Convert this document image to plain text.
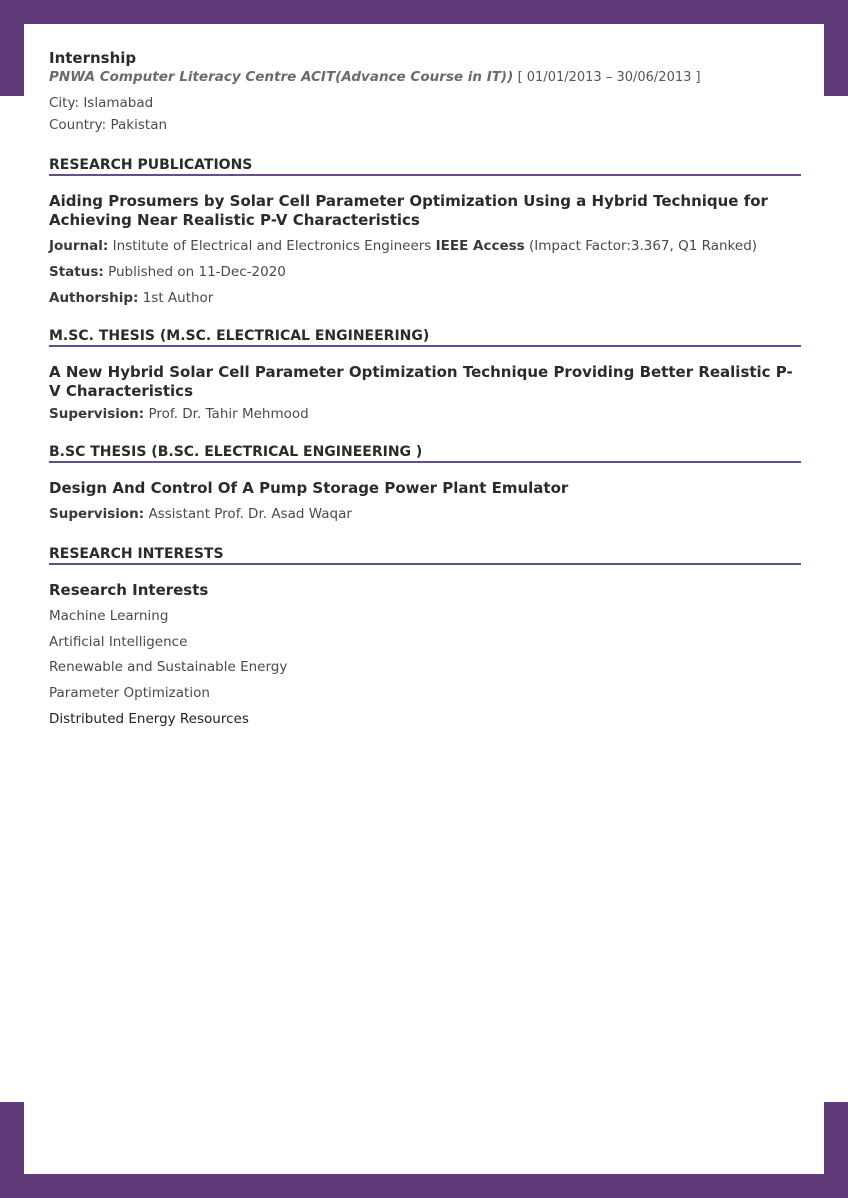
Internship

PNWA Computer Literacy Centre ACIT(Advance Course in IT)) [ 01/01/2013 – 30/06/2013 ]

City: Islamabad

Country: Pakistan

RESEARCH PUBLICATIONS

Aiding Prosumers by Solar Cell Parameter Optimization Using a Hybrid Technique for Achieving Near Realistic P-V Characteristics

Journal: Institute of Electrical and Electronics Engineers IEEE Access (Impact Factor:3.367, Q1 Ranked)

Status: Published on 11-Dec-2020

Authorship: 1st Author

M.SC. THESIS (M.SC. ELECTRICAL ENGINEERING)

A New Hybrid Solar Cell Parameter Optimization Technique Providing Better Realistic P-V Characteristics

Supervision: Prof. Dr. Tahir Mehmood

B.SC THESIS (B.SC. ELECTRICAL ENGINEERING )

Design And Control Of A Pump Storage Power Plant Emulator

Supervision: Assistant Prof. Dr. Asad Waqar

RESEARCH INTERESTS

Research Interests

Machine Learning

Artificial Intelligence

Renewable and Sustainable Energy

Parameter Optimization

Distributed Energy Resources
